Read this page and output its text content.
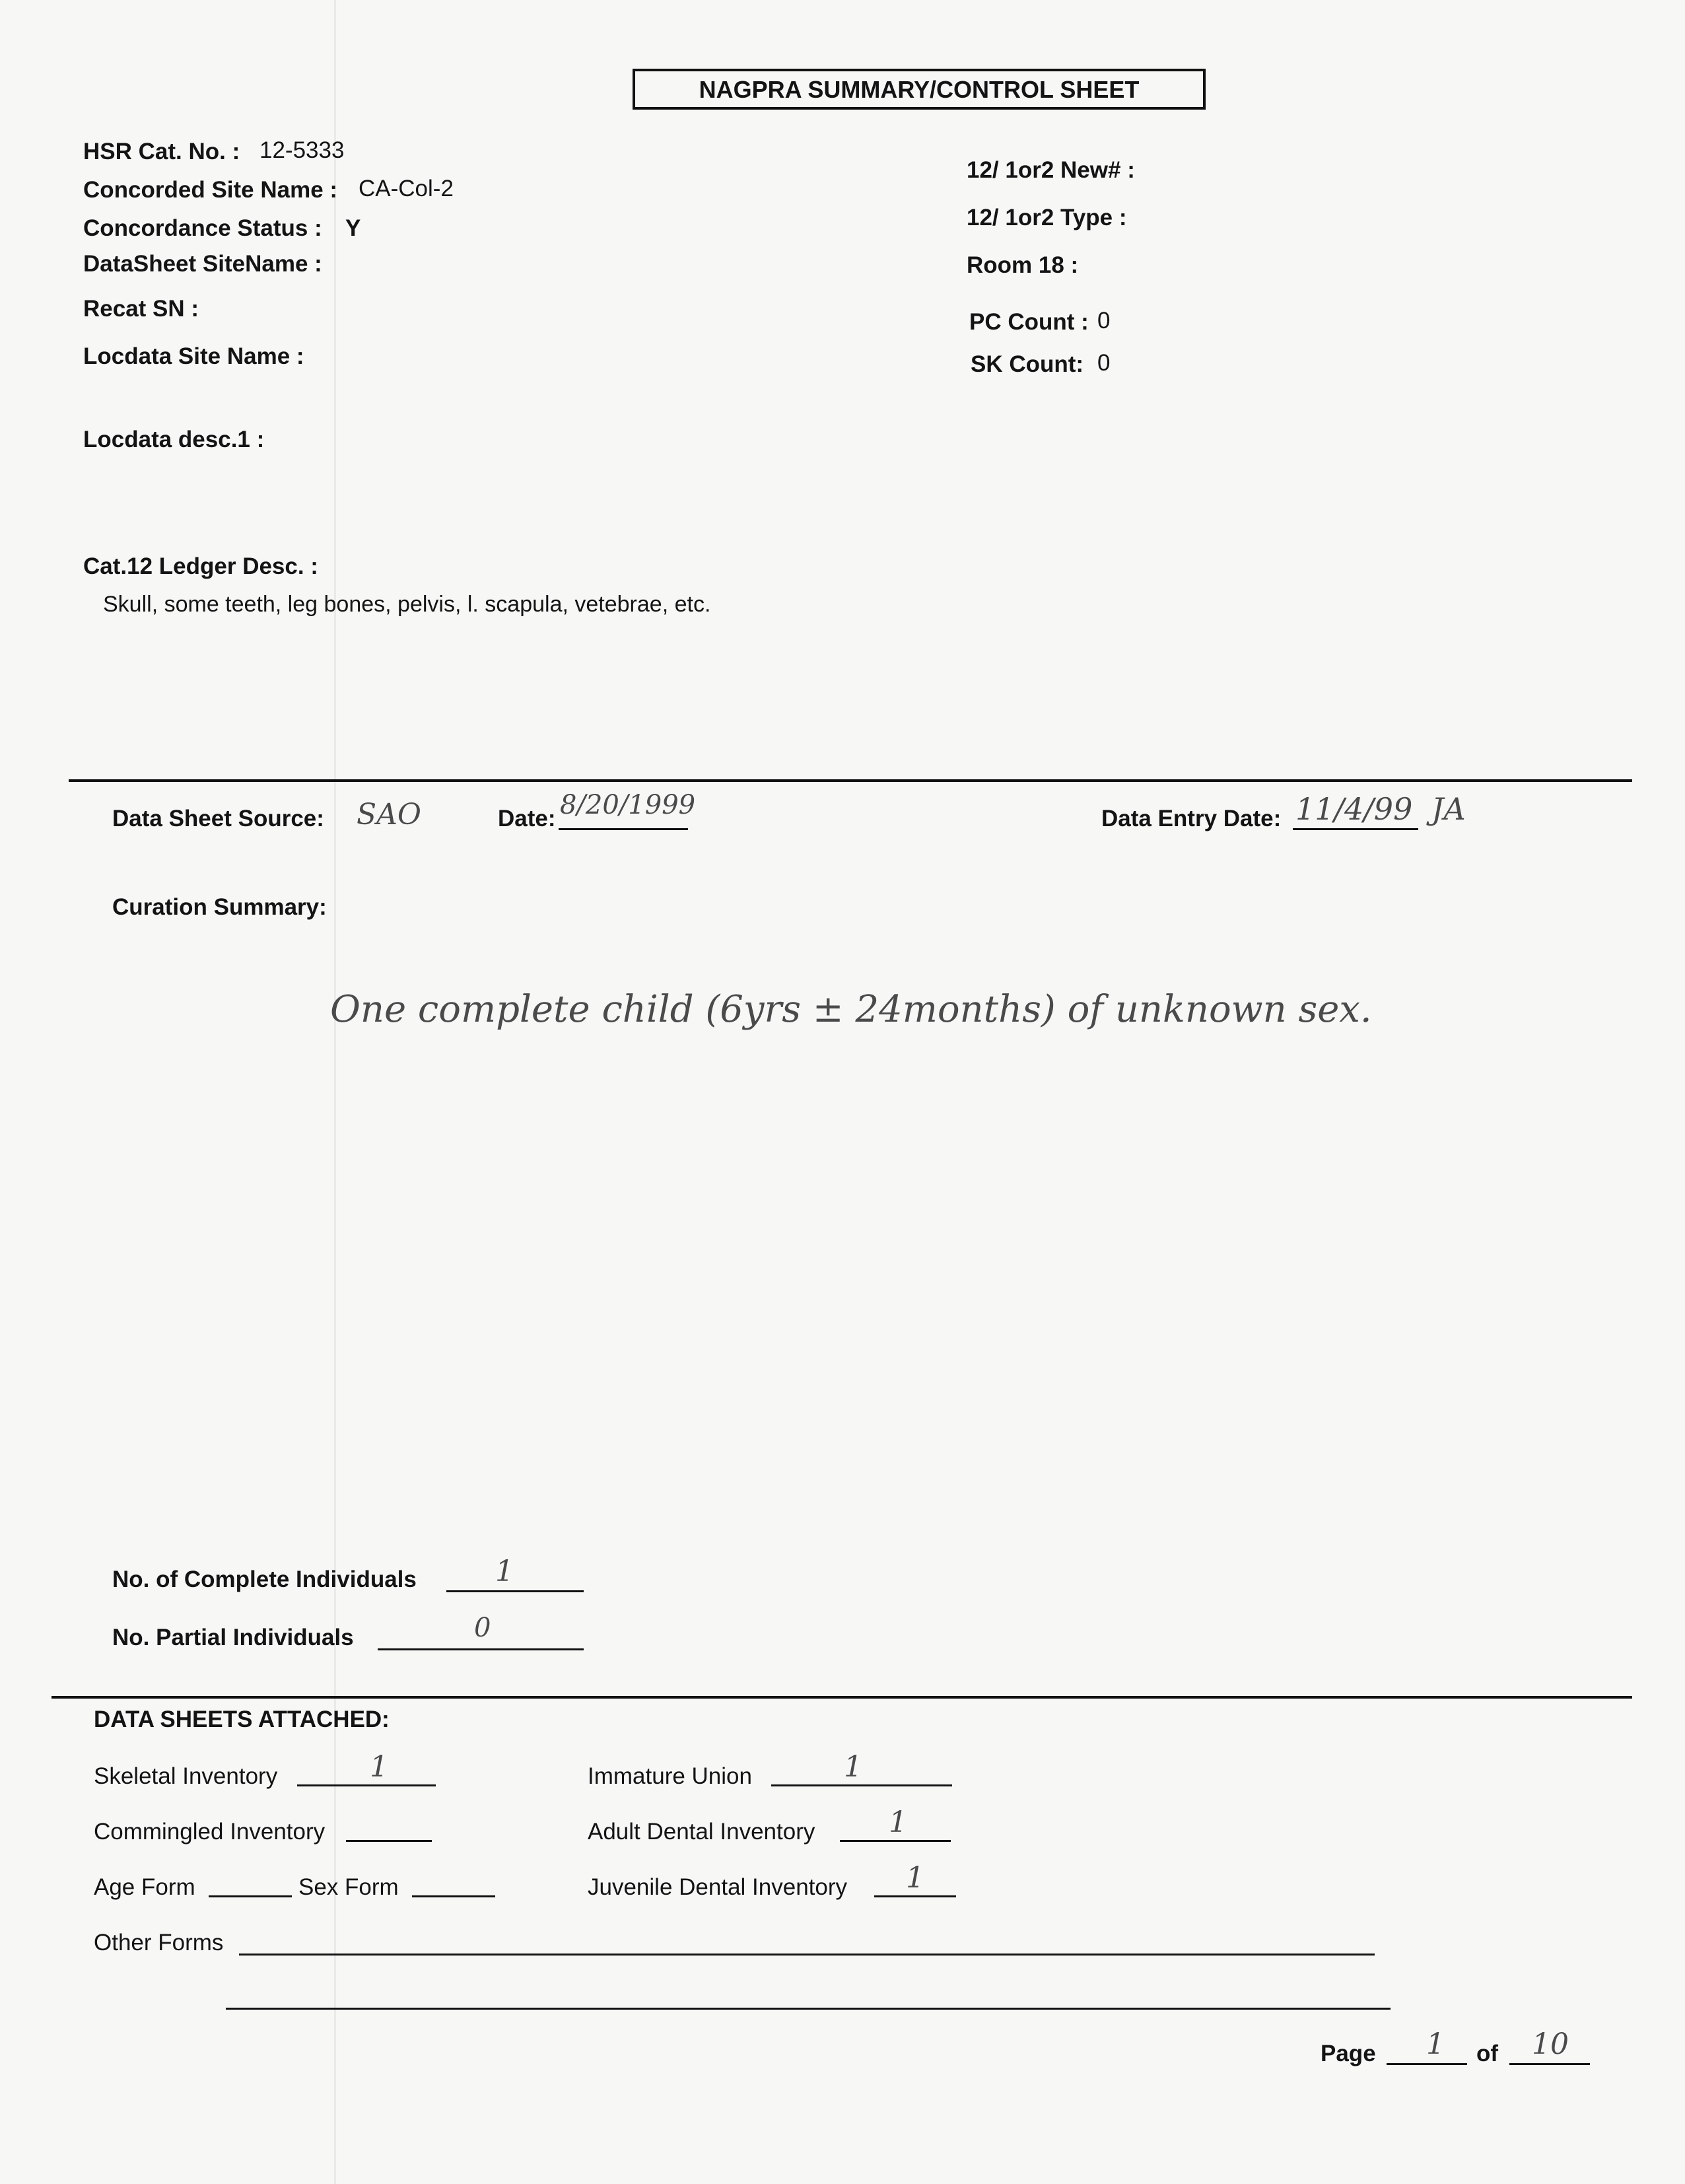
NAGPRA SUMMARY/CONTROL SHEET
HSR Cat. No. : 12-5333
Concorded Site Name : CA-Col-2
Concordance Status : Y
DataSheet SiteName :
Recat SN :
Locdata Site Name :
Locdata desc.1 :
Cat.12 Ledger Desc. :
Skull, some teeth, leg bones, pelvis, l. scapula, vetebrae, etc.
12/ 1or2 New# :
12/ 1or2 Type :
Room 18 :
PC Count : 0
SK Count: 0
Data Sheet Source: SAO	Date: 8/20/1999	Data Entry Date: 11/4/99 JA
Curation Summary:
One complete child (6yrs ± 24months) of unknown sex.
No. of Complete Individuals	1
No. Partial Individuals	0
DATA SHEETS ATTACHED:
Skeletal Inventory	1
Commingled Inventory
Age Form	Sex Form
Other Forms
Immature Union	1
Adult Dental Inventory	1
Juvenile Dental Inventory 1
Page 1 of 10
